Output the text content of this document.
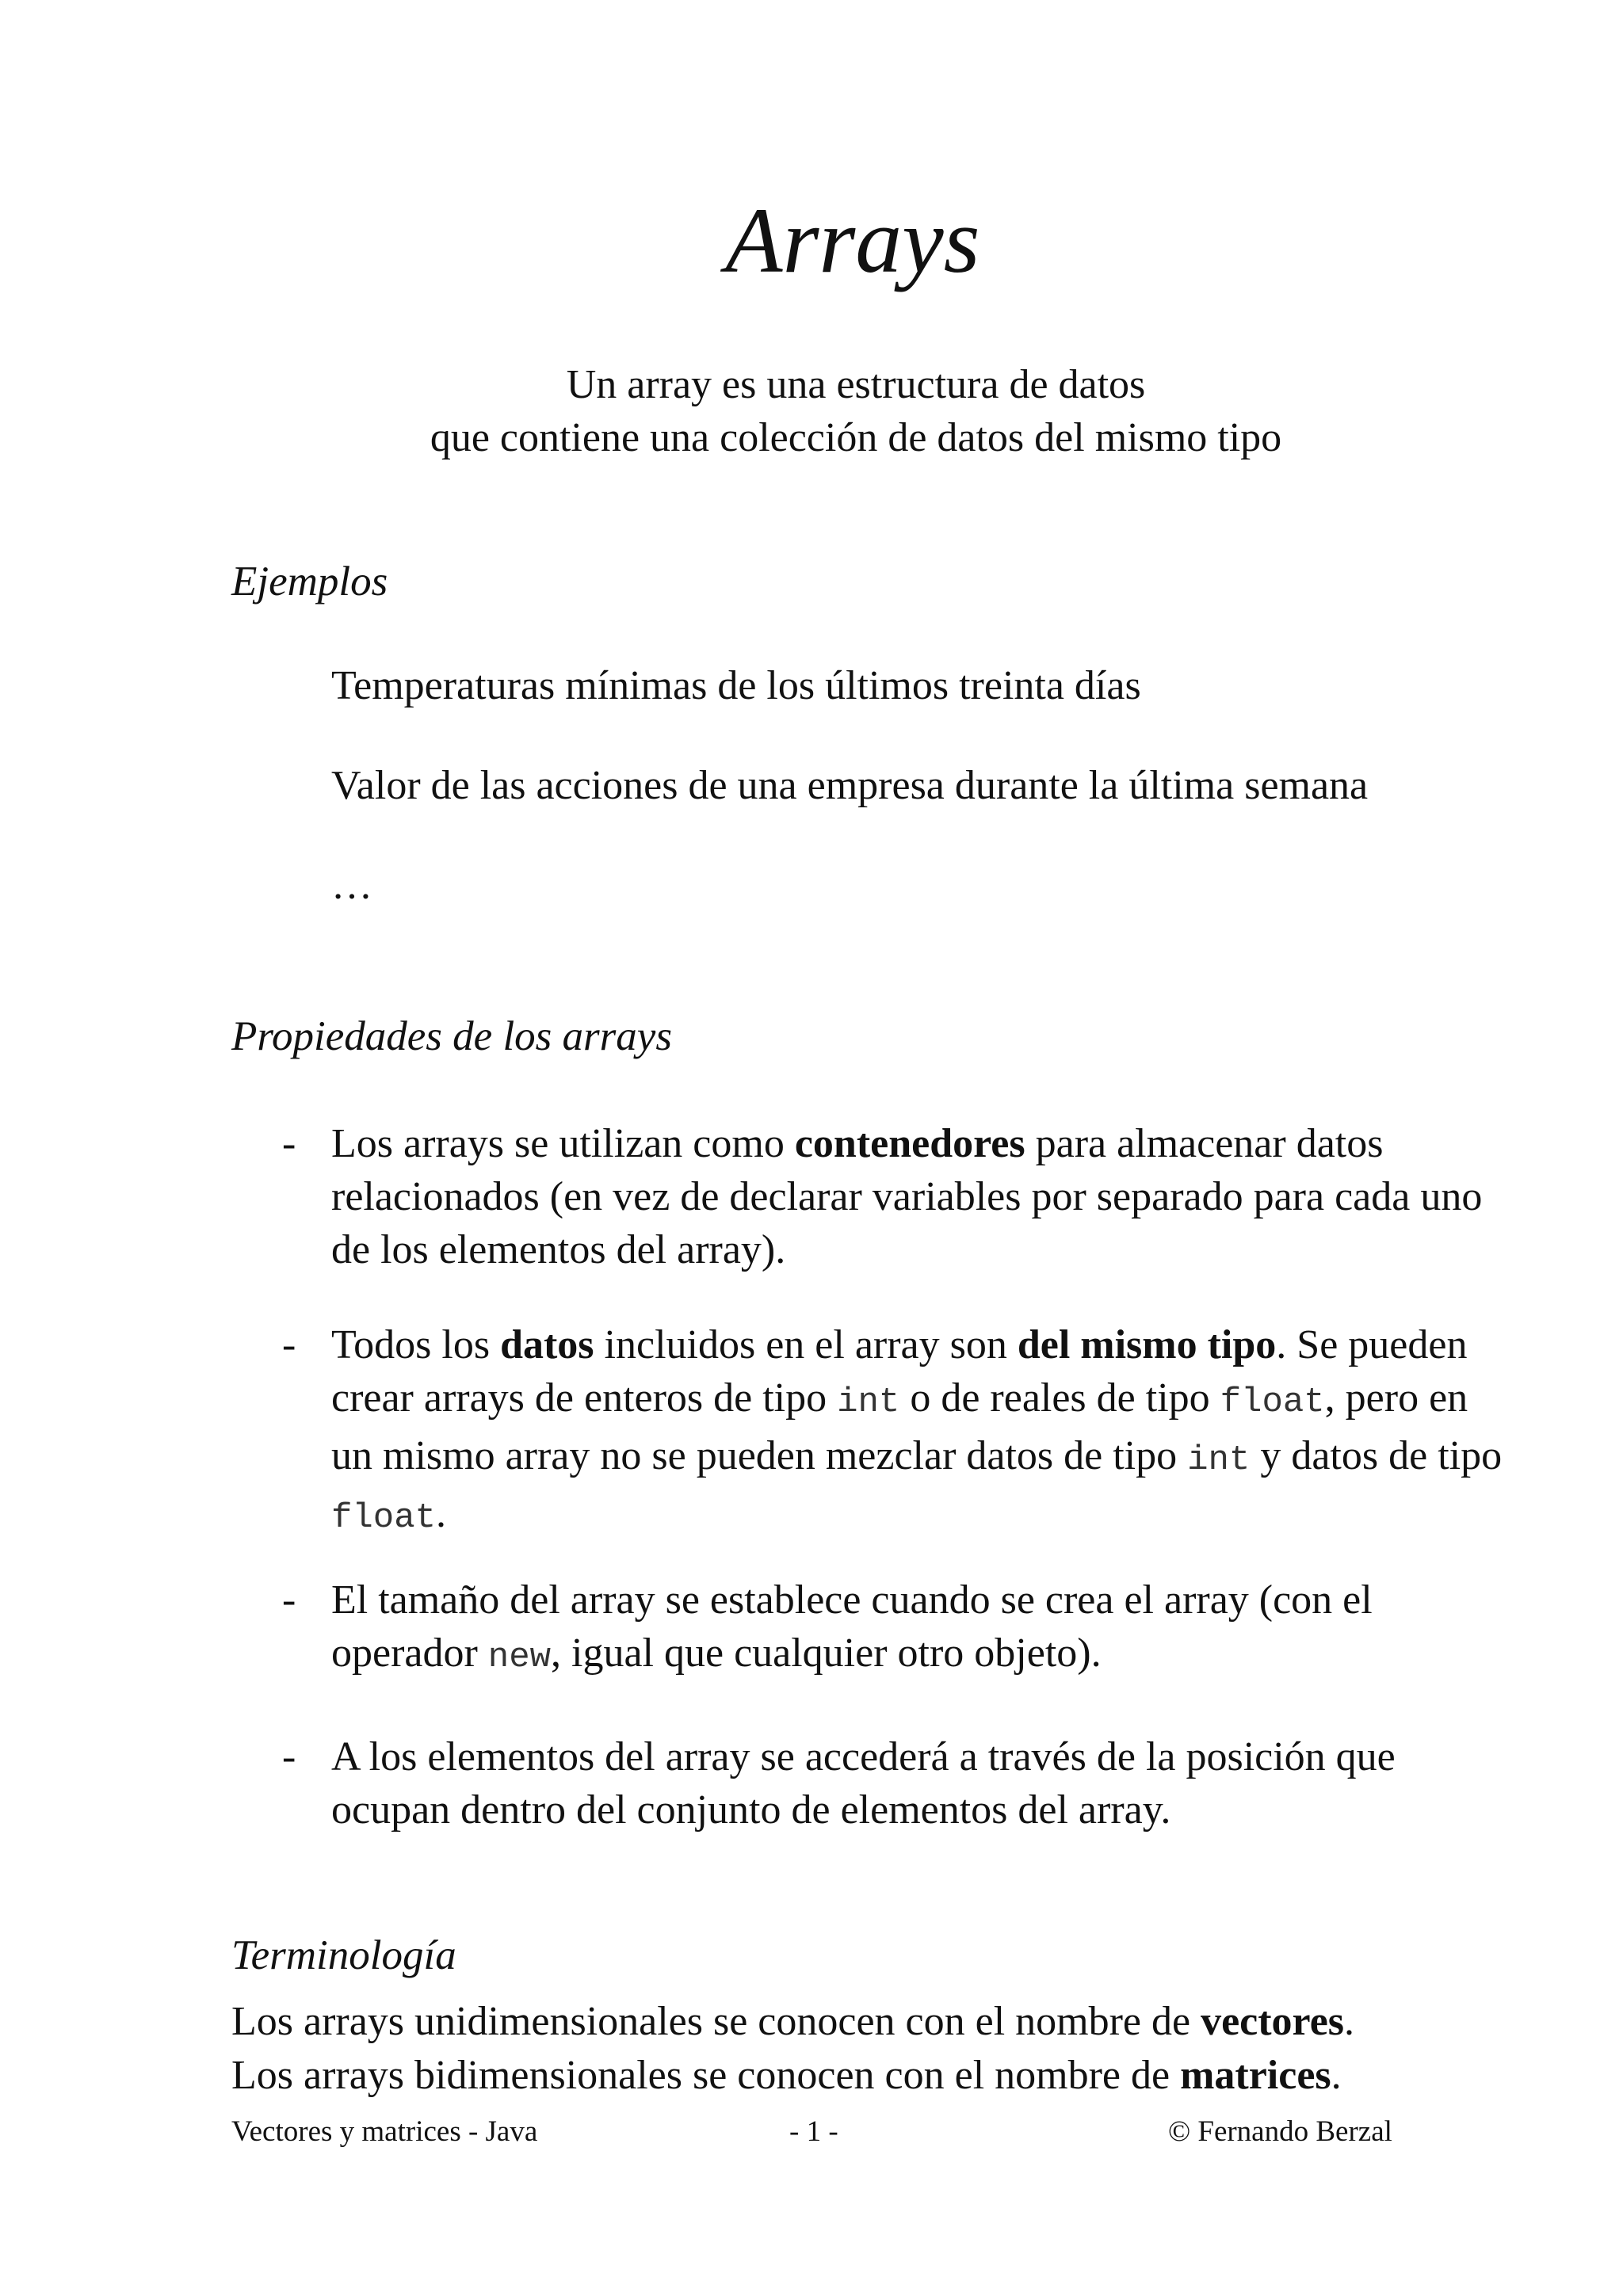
Arrays
Un array es una estructura de datos
que contiene una colección de datos del mismo tipo
Ejemplos
Temperaturas mínimas de los últimos treinta días
Valor de las acciones de una empresa durante la última semana
…
Propiedades de los arrays
- Los arrays se utilizan como contenedores para almacenar datos relacionados (en vez de declarar variables por separado para cada uno de los elementos del array).
- Todos los datos incluidos en el array son del mismo tipo. Se pueden crear arrays de enteros de tipo int o de reales de tipo float, pero en un mismo array no se pueden mezclar datos de tipo int y datos de tipo float.
- El tamaño del array se establece cuando se crea el array (con el operador new, igual que cualquier otro objeto).
- A los elementos del array se accederá a través de la posición que ocupan dentro del conjunto de elementos del array.
Terminología
Los arrays unidimensionales se conocen con el nombre de vectores.
Los arrays bidimensionales se conocen con el nombre de matrices.
Vectores y matrices - Java	- 1 -	© Fernando Berzal
